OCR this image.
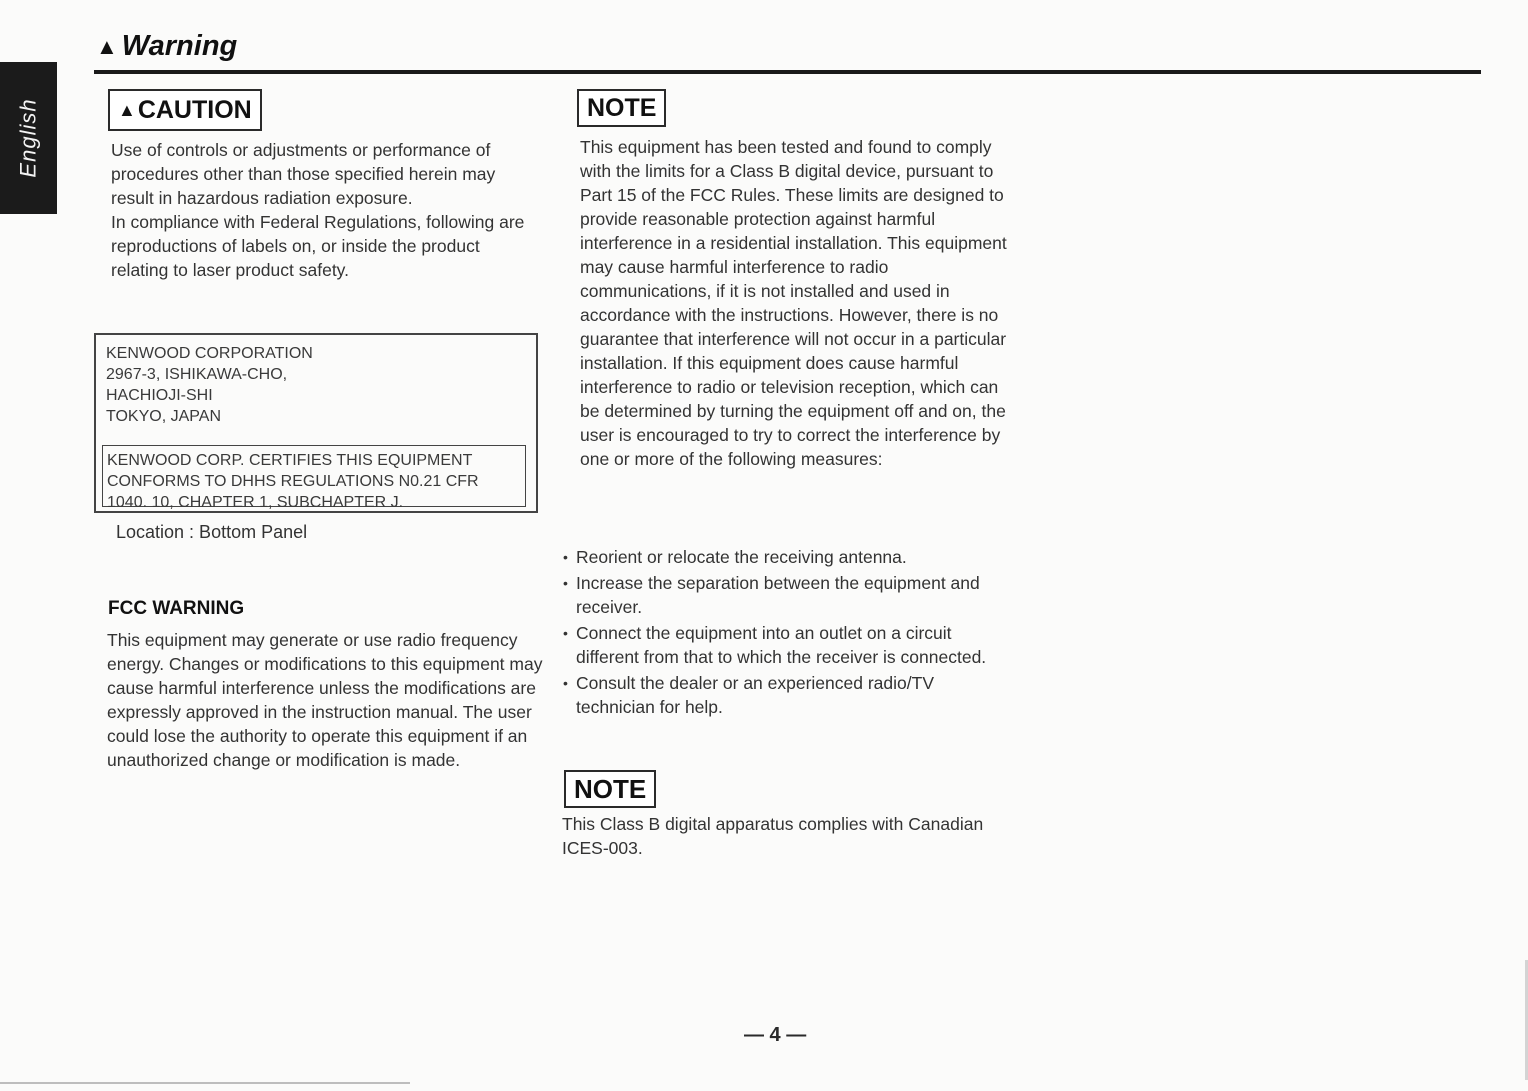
English
▲ Warning
▲ CAUTION
Use of controls or adjustments or performance of procedures other than those specified herein may result in hazardous radiation exposure.
In compliance with Federal Regulations, following are reproductions of labels on, or inside the product relating to laser product safety.
KENWOOD CORPORATION
2967-3, ISHIKAWA-CHO,
HACHIOJI-SHI
TOKYO, JAPAN
KENWOOD CORP. CERTIFIES THIS EQUIPMENT
CONFORMS TO DHHS REGULATIONS N0.21 CFR
1040. 10, CHAPTER 1, SUBCHAPTER J.
Location : Bottom Panel
FCC WARNING
This equipment may generate or use radio frequency energy. Changes or modifications to this equipment may cause harmful interference unless the modifications are expressly approved in the instruction manual. The user could lose the authority to operate this equipment if an unauthorized change or modification is made.
NOTE
This equipment has been tested and found to comply with the limits for a Class B digital device, pursuant to Part 15 of the FCC Rules. These limits are designed to provide reasonable protection against harmful interference in a residential installation. This equipment may cause harmful interference to radio communications, if it is not installed and used in accordance with the instructions. However, there is no guarantee that interference will not occur in a particular installation. If this equipment does cause harmful interference to radio or television reception, which can be determined by turning the equipment off and on, the user is encouraged to try to correct the interference by one or more of the following measures:
• Reorient or relocate the receiving antenna.
• Increase the separation between the equipment and receiver.
• Connect the equipment into an outlet on a circuit different from that to which the receiver is connected.
• Consult the dealer or an experienced radio/TV technician for help.
NOTE
This Class B digital apparatus complies with Canadian ICES-003.
— 4 —
